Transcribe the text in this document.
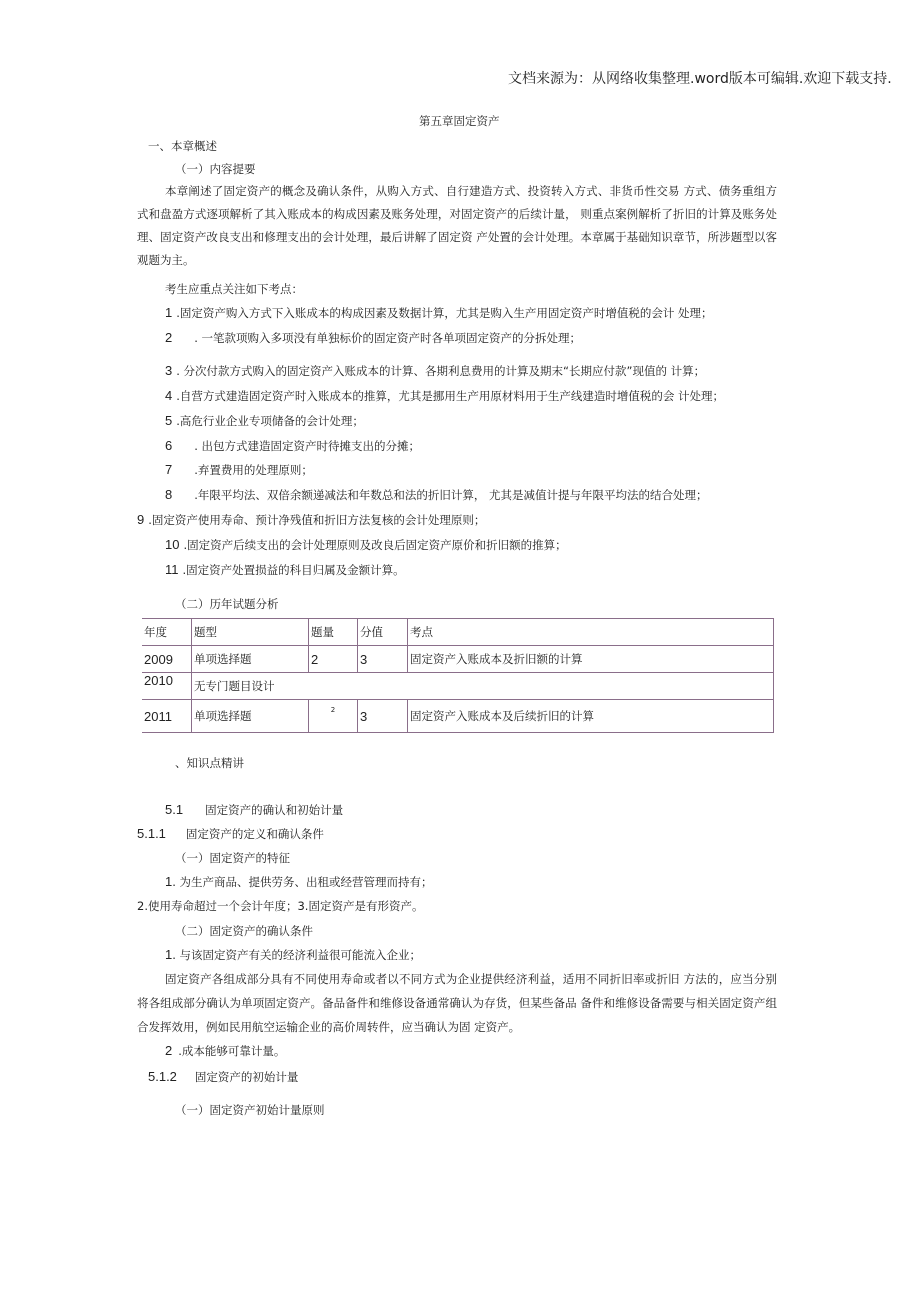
文档来源为：从网络收集整理.word版本可编辑.欢迎下载支持.
第五章固定资产
一、本章概述
（一）内容提要
本章阐述了固定资产的概念及确认条件，从购入方式、自行建造方式、投资转入方式、非货币性交易 方式、债务重组方式和盘盈方式逐项解析了其入账成本的构成因素及账务处理，对固定资产的后续计量， 则重点案例解析了折旧的计算及账务处理、固定资产改良支出和修理支出的会计处理，最后讲解了固定资 产处置的会计处理。本章属于基础知识章节，所涉题型以客观题为主。
考生应重点关注如下考点：
1 .固定资产购入方式下入账成本的构成因素及数据计算，尤其是购入生产用固定资产时增值税的会计 处理；
2 . 一笔款项购入多项没有单独标价的固定资产时各单项固定资产的分拆处理；
3 . 分次付款方式购入的固定资产入账成本的计算、各期利息费用的计算及期末“长期应付款”现值的 计算；
4 .自营方式建造固定资产时入账成本的推算，尤其是挪用生产用原材料用于生产线建造时增值税的会 计处理；
5 .高危行业企业专项储备的会计处理；
6 . 出包方式建造固定资产时待摊支出的分摊；
7 .弃置费用的处理原则；
8 .年限平均法、双倍余额递减法和年数总和法的折旧计算， 尤其是减值计提与年限平均法的结合处理；
9 .固定资产使用寿命、预计净残值和折旧方法复核的会计处理原则；
10 .固定资产后续支出的会计处理原则及改良后固定资产原价和折旧额的推算；
11 .固定资产处置损益的科目归属及金额计算。
（二）历年试题分析
年度	题型	题量	分值	考点
2009	单项选择题	2	3	固定资产入账成本及折旧额的计算
2010	无专门题目设计			
2011	单项选择题	2	3	固定资产入账成本及后续折旧的计算
、知识点精讲
5.1 固定资产的确认和初始计量
5.1.1 固定资产的定义和确认条件
（一）固定资产的特征
1. 为生产商品、提供劳务、出租或经营管理而持有；
2.使用寿命超过一个会计年度；3.固定资产是有形资产。
（二）固定资产的确认条件
1. 与该固定资产有关的经济利益很可能流入企业；
固定资产各组成部分具有不同使用寿命或者以不同方式为企业提供经济利益，适用不同折旧率或折旧 方法的，应当分别将各组成部分确认为单项固定资产。备品备件和维修设备通常确认为存货，但某些备品 备件和维修设备需要与相关固定资产组合发挥效用，例如民用航空运输企业的高价周转件，应当确认为固 定资产。
2 .成本能够可靠计量。
5.1.2 固定资产的初始计量
（一）固定资产初始计量原则
